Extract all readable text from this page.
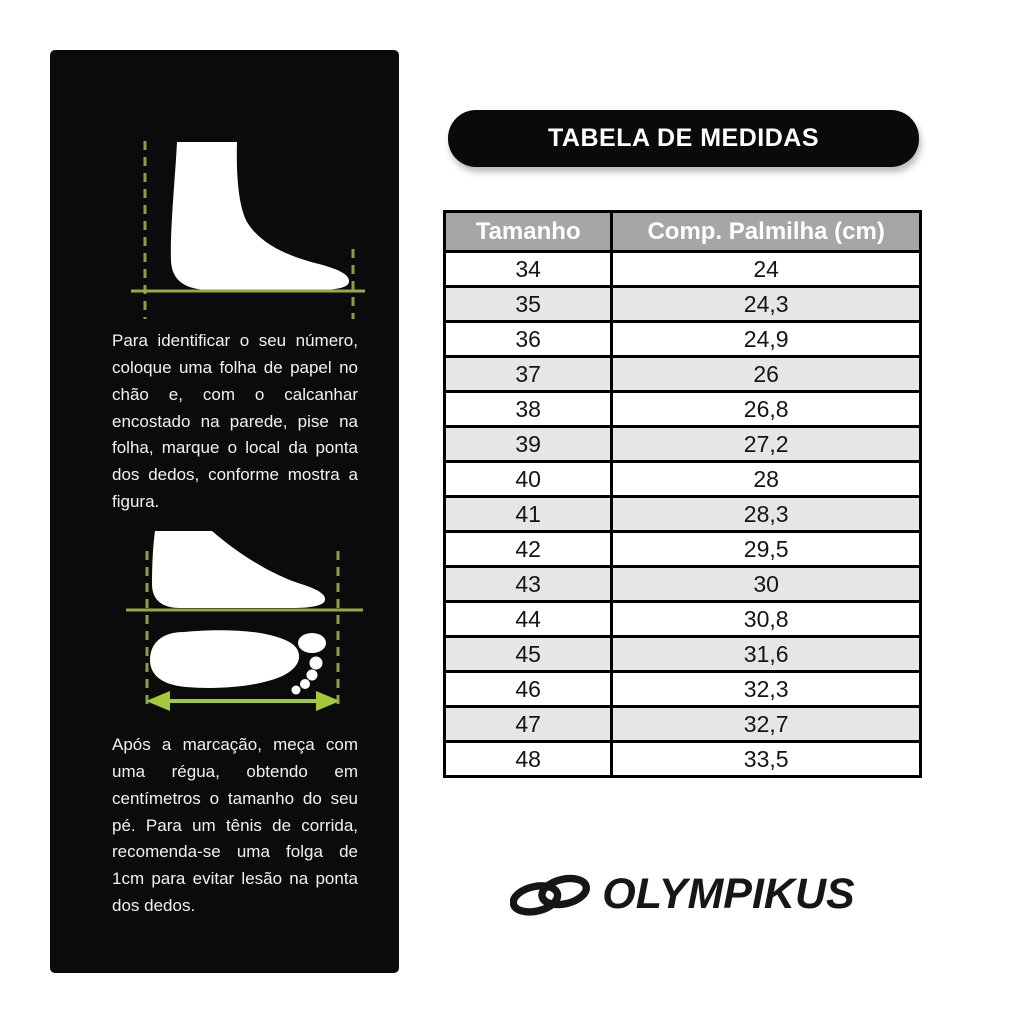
Para identificar o seu número, coloque uma folha de papel no chão e, com o calcanhar encostado na parede, pise na folha, marque o local da ponta dos dedos, conforme mostra a figura.

Após a marcação, meça com uma régua, obtendo em centímetros o tamanho do seu pé. Para um tênis de corrida, recomenda-se uma folga de 1cm para evitar lesão na ponta dos dedos.

TABELA DE MEDIDAS
Tamanho	Comp. Palmilha (cm)
34	24
35	24,3
36	24,9
37	26
38	26,8
39	27,2
40	28
41	28,3
42	29,5
43	30
44	30,8
45	31,6
46	32,3
47	32,7
48	33,5
OLYMPIKUS
